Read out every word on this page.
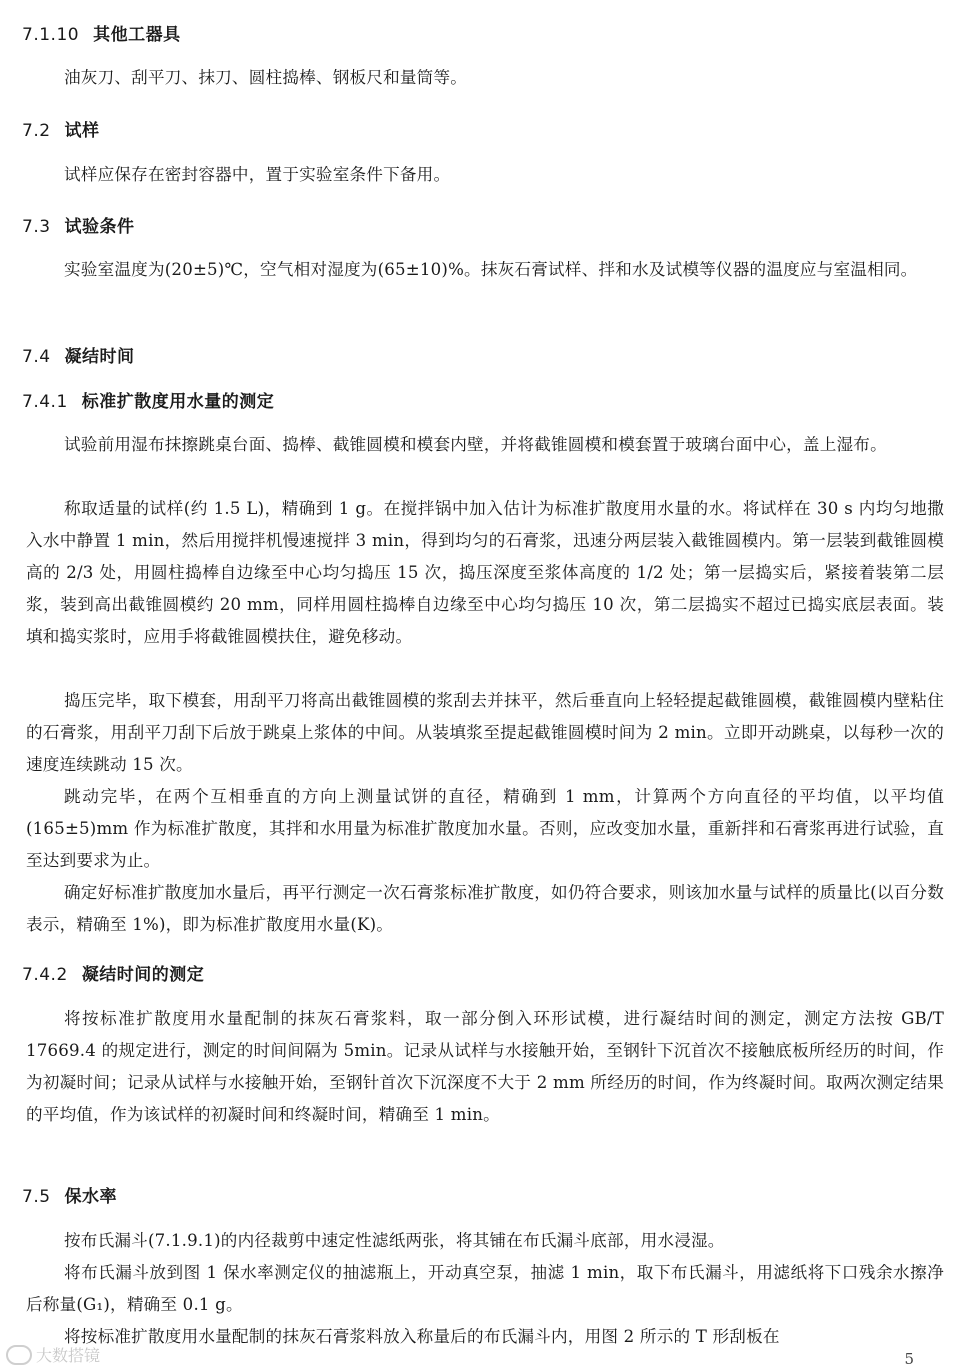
7.1.10 其他工器具

油灰刀、刮平刀、抹刀、圆柱捣棒、钢板尺和量筒等。

7.2 试样

试样应保存在密封容器中，置于实验室条件下备用。

7.3 试验条件

实验室温度为(20±5)℃，空气相对湿度为(65±10)%。抹灰石膏试样、拌和水及试模等仪器的温度应与室温相同。

7.4 凝结时间
7.4.1 标准扩散度用水量的测定

试验前用湿布抹擦跳桌台面、捣棒、截锥圆模和模套内壁，并将截锥圆模和模套置于玻璃台面中心，盖上湿布。

称取适量的试样(约 1.5 L)，精确到 1 g。在搅拌锅中加入估计为标准扩散度用水量的水。将试样在 30 s 内均匀地撒入水中静置 1 min，然后用搅拌机慢速搅拌 3 min，得到均匀的石膏浆，迅速分两层装入截锥圆模内。第一层装到截锥圆模高的 2/3 处，用圆柱捣棒自边缘至中心均匀捣压 15 次，捣压深度至浆体高度的 1/2 处；第一层捣实后，紧接着装第二层浆，装到高出截锥圆模约 20 mm，同样用圆柱捣棒自边缘至中心均匀捣压 10 次，第二层捣实不超过已捣实底层表面。装填和捣实浆时，应用手将截锥圆模扶住，避免移动。

捣压完毕，取下模套，用刮平刀将高出截锥圆模的浆刮去并抹平，然后垂直向上轻轻提起截锥圆模，截锥圆模内壁粘住的石膏浆，用刮平刀刮下后放于跳桌上浆体的中间。从装填浆至提起截锥圆模时间为 2 min。立即开动跳桌，以每秒一次的速度连续跳动 15 次。

跳动完毕，在两个互相垂直的方向上测量试饼的直径，精确到 1 mm，计算两个方向直径的平均值，以平均值(165±5)mm 作为标准扩散度，其拌和水用量为标准扩散度加水量。否则，应改变加水量，重新拌和石膏浆再进行试验，直至达到要求为止。

确定好标准扩散度加水量后，再平行测定一次石膏浆标准扩散度，如仍符合要求，则该加水量与试样的质量比(以百分数表示，精确至 1%)，即为标准扩散度用水量(K)。

7.4.2 凝结时间的测定

将按标准扩散度用水量配制的抹灰石膏浆料，取一部分倒入环形试模，进行凝结时间的测定，测定方法按 GB/T 17669.4 的规定进行，测定的时间间隔为 5min。记录从试样与水接触开始，至钢针下沉首次不接触底板所经历的时间，作为初凝时间；记录从试样与水接触开始，至钢针首次下沉深度不大于 2 mm 所经历的时间，作为终凝时间。取两次测定结果的平均值，作为该试样的初凝时间和终凝时间，精确至 1 min。

7.5 保水率

按布氏漏斗(7.1.9.1)的内径裁剪中速定性滤纸两张，将其铺在布氏漏斗底部，用水浸湿。

将布氏漏斗放到图 1 保水率测定仪的抽滤瓶上，开动真空泵，抽滤 1 min，取下布氏漏斗，用滤纸将下口残余水擦净后称量(G₁)，精确至 0.1 g。

将按标准扩散度用水量配制的抹灰石膏浆料放入称量后的布氏漏斗内，用图 2 所示的 T 形刮板在

大数搭镜	5
